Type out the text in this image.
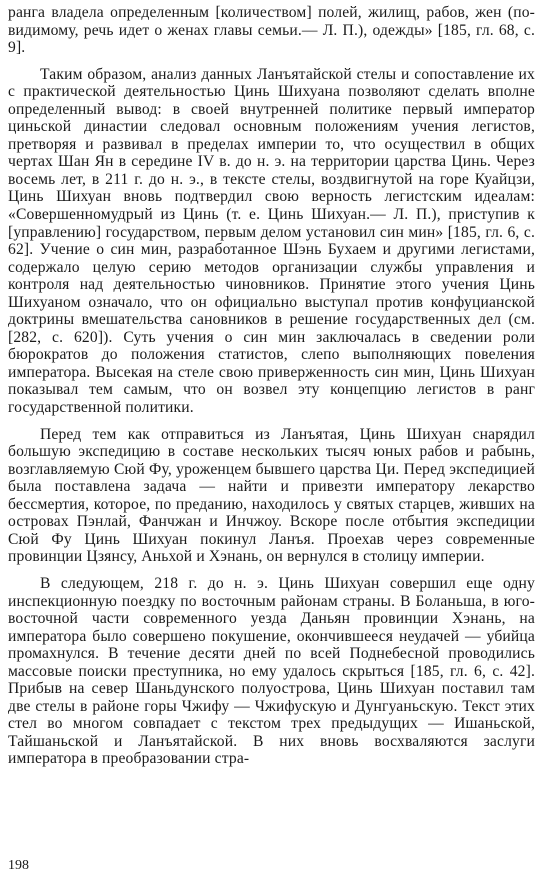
ранга владела определенным [количеством] полей, жилищ, рабов, жен (по-видимому, речь идет о женах главы семьи.— Л. П.), одежды» [185, гл. 68, с. 9].

Таким образом, анализ данных Ланъятайской стелы и сопоставление их с практической деятельностью Цинь Шихуана позволяют сделать вполне определенный вывод: в своей внутренней политике первый император циньской династии следовал основным положениям учения легистов, претворяя и развивал в пределах империи то, что осуществил в общих чертах Шан Ян в середине IV в. до н. э. на территории царства Цинь. Через восемь лет, в 211 г. до н. э., в тексте стелы, воздвигнутой на горе Куайцзи, Цинь Шихуан вновь подтвердил свою верность легистским идеалам: «Совершенномудрый из Цинь (т. е. Цинь Шихуан.— Л. П.), приступив к [управлению] государством, первым делом установил син мин» [185, гл. 6, с. 62]. Учение о син мин, разработанное Шэнь Бухаем и другими легистами, содержало целую серию методов организации службы управления и контроля над деятельностью чиновников. Принятие этого учения Цинь Шихуаном означало, что он официально выступал против конфуцианской доктрины вмешательства сановников в решение государственных дел (см. [282, с. 620]). Суть учения о син мин заключалась в сведении роли бюрократов до положения статистов, слепо выполняющих повеления императора. Высекая на стеле свою приверженность син мин, Цинь Шихуан показывал тем самым, что он возвел эту концепцию легистов в ранг государственной политики.

Перед тем как отправиться из Ланъятая, Цинь Шихуан снарядил большую экспедицию в составе нескольких тысяч юных рабов и рабынь, возглавляемую Сюй Фу, уроженцем бывшего царства Ци. Перед экспедицией была поставлена задача — найти и привезти императору лекарство бессмертия, которое, по преданию, находилось у святых старцев, живших на островах Пэнлай, Фанчжан и Инчжоу. Вскоре после отбытия экспедиции Сюй Фу Цинь Шихуан покинул Ланъя. Проехав через современные провинции Цзянсу, Аньхой и Хэнань, он вернулся в столицу империи.

В следующем, 218 г. до н. э. Цинь Шихуан совершил еще одну инспекционную поездку по восточным районам страны. В Боланьша, в юго-восточной части современного уезда Даньян провинции Хэнань, на императора было совершено покушение, окончившееся неудачей — убийца промахнулся. В течение десяти дней по всей Поднебесной проводились массовые поиски преступника, но ему удалось скрыться [185, гл. 6, с. 42]. Прибыв на север Шаньдунского полуострова, Цинь Шихуан поставил там две стелы в районе горы Чжифу — Чжифускую и Дунгуаньскую. Текст этих стел во многом совпадает с текстом трех предыдущих — Ишаньской, Тайшаньской и Ланъятайской. В них вновь восхваляются заслуги императора в преобразовании стра-

198
